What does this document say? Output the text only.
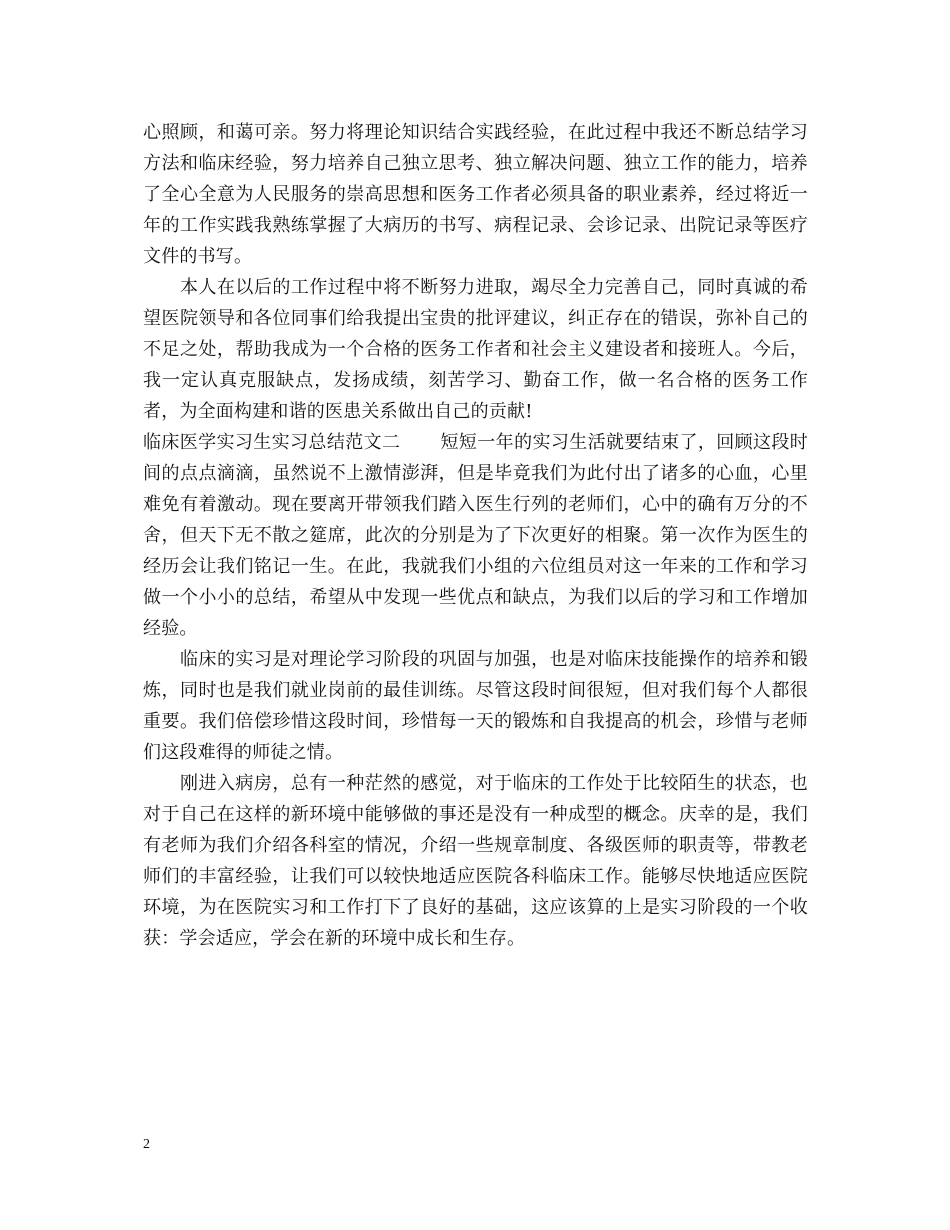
心照顾，和蔼可亲。努力将理论知识结合实践经验，在此过程中我还不断总结学习方法和临床经验，努力培养自己独立思考、独立解决问题、独立工作的能力，培养了全心全意为人民服务的崇高思想和医务工作者必须具备的职业素养，经过将近一年的工作实践我熟练掌握了大病历的书写、病程记录、会诊记录、出院记录等医疗文件的书写。

本人在以后的工作过程中将不断努力进取，竭尽全力完善自己，同时真诚的希望医院领导和各位同事们给我提出宝贵的批评建议，纠正存在的错误，弥补自己的不足之处，帮助我成为一个合格的医务工作者和社会主义建设者和接班人。今后，我一定认真克服缺点，发扬成绩，刻苦学习、勤奋工作，做一名合格的医务工作者，为全面构建和谐的医患关系做出自己的贡献!

临床医学实习生实习总结范文二 短短一年的实习生活就要结束了，回顾这段时间的点点滴滴，虽然说不上激情澎湃，但是毕竟我们为此付出了诸多的心血，心里难免有着激动。现在要离开带领我们踏入医生行列的老师们，心中的确有万分的不舍，但天下无不散之筵席，此次的分别是为了下次更好的相聚。第一次作为医生的经历会让我们铭记一生。在此，我就我们小组的六位组员对这一年来的工作和学习做一个小小的总结，希望从中发现一些优点和缺点，为我们以后的学习和工作增加经验。

临床的实习是对理论学习阶段的巩固与加强，也是对临床技能操作的培养和锻炼，同时也是我们就业岗前的最佳训练。尽管这段时间很短，但对我们每个人都很重要。我们倍偿珍惜这段时间，珍惜每一天的锻炼和自我提高的机会，珍惜与老师们这段难得的师徒之情。

刚进入病房，总有一种茫然的感觉，对于临床的工作处于比较陌生的状态，也对于自己在这样的新环境中能够做的事还是没有一种成型的概念。庆幸的是，我们有老师为我们介绍各科室的情况，介绍一些规章制度、各级医师的职责等，带教老师们的丰富经验，让我们可以较快地适应医院各科临床工作。能够尽快地适应医院环境，为在医院实习和工作打下了良好的基础，这应该算的上是实习阶段的一个收获：学会适应，学会在新的环境中成长和生存。

2
